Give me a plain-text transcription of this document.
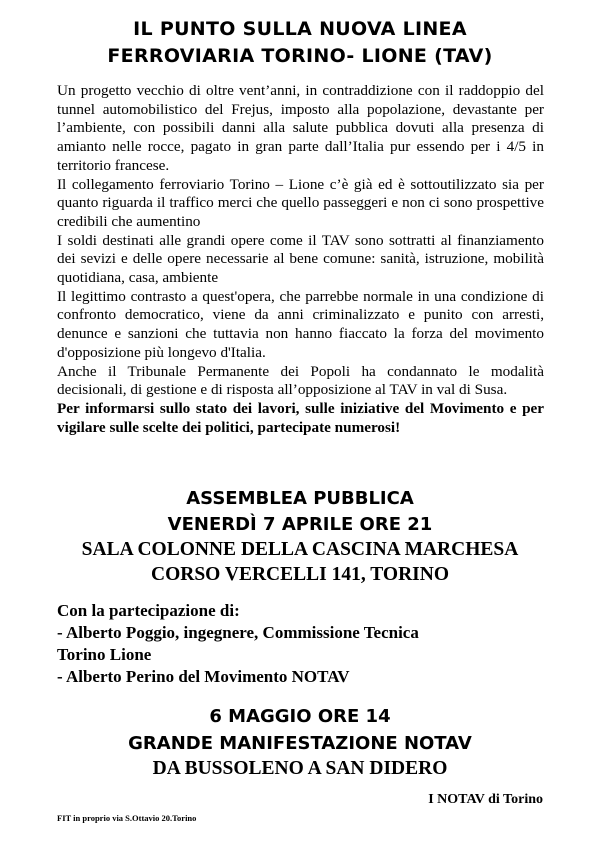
IL PUNTO SULLA NUOVA LINEA
FERROVIARIA TORINO- LIONE (TAV)

Un progetto vecchio di oltre vent’anni, in contraddizione con il raddoppio del tunnel automobilistico del Frejus, imposto alla popolazione, devastante per l’ambiente, con possibili danni alla salute pubblica dovuti alla presenza di amianto nelle rocce, pagato in gran parte dall’Italia pur essendo per i 4/5 in territorio francese.

Il collegamento ferroviario Torino – Lione c’è già ed è sottoutilizzato sia per quanto riguarda il traffico merci che quello passeggeri e non ci sono prospettive credibili che aumentino

I soldi destinati alle grandi opere come il TAV sono sottratti al finanziamento dei sevizi e delle opere necessarie al bene comune: sanità, istruzione, mobilità quotidiana, casa, ambiente

Il legittimo contrasto a quest'opera, che parrebbe normale in una condizione di confronto democratico, viene da anni criminalizzato e punito con arresti, denunce e sanzioni che tuttavia non hanno fiaccato la forza del movimento d'opposizione più longevo d'Italia.

Anche il Tribunale Permanente dei Popoli ha condannato le modalità decisionali, di gestione e di risposta all’opposizione al TAV in val di Susa.

Per informarsi sullo stato dei lavori, sulle iniziative del Movimento e per vigilare sulle scelte dei politici, partecipate numerosi!

ASSEMBLEA PUBBLICA
VENERDÌ 7 APRILE ORE 21
SALA COLONNE DELLA CASCINA MARCHESA
CORSO VERCELLI 141, TORINO
Con la partecipazione di:
- Alberto Poggio, ingegnere, Commissione Tecnica
Torino Lione
- Alberto Perino del Movimento NOTAV
6 MAGGIO ORE 14
GRANDE MANIFESTAZIONE NOTAV
DA BUSSOLENO A SAN DIDERO
I NOTAV di Torino
FIT in proprio via S.Ottavio 20.Torino
